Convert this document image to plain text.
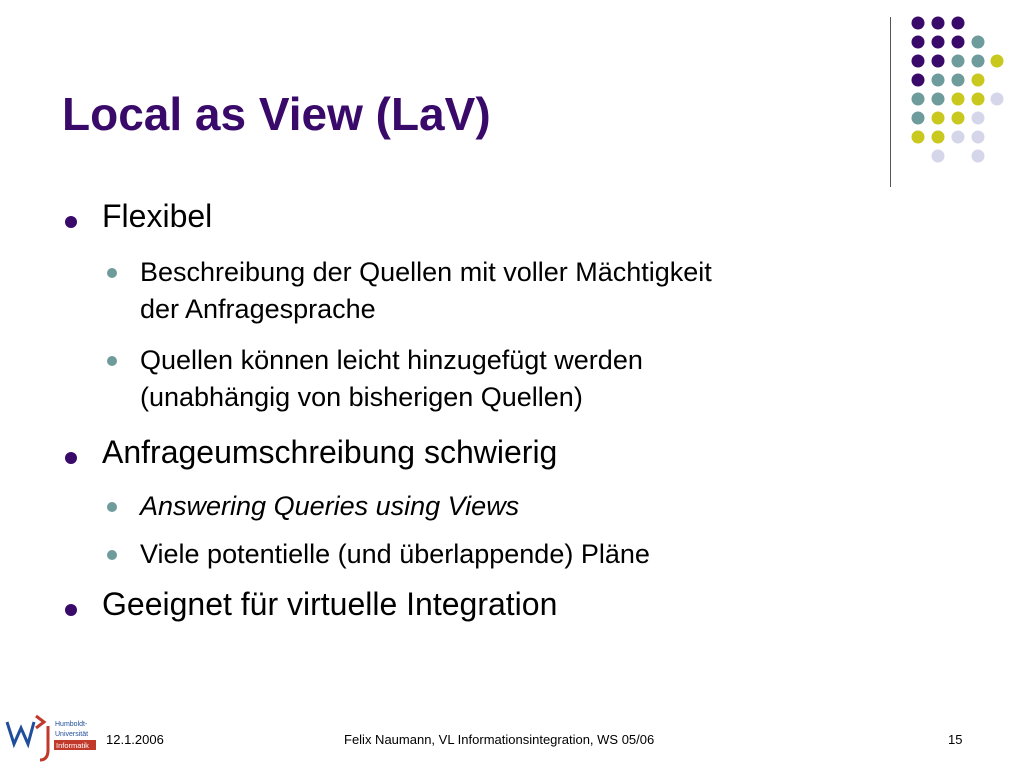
Local as View (LaV)
Flexibel
Beschreibung der Quellen mit voller Mächtigkeit
der Anfragesprache
Quellen können leicht hinzugefügt werden
(unabhängig von bisherigen Quellen)
Anfrageumschreibung schwierig
Answering Queries using Views
Viele potentielle (und überlappende) Pläne
Geeignet für virtuelle Integration
Humboldt-
Universität
Informatik 12.1.2006	Felix Naumann, VL Informationsintegration, WS 05/06	15
